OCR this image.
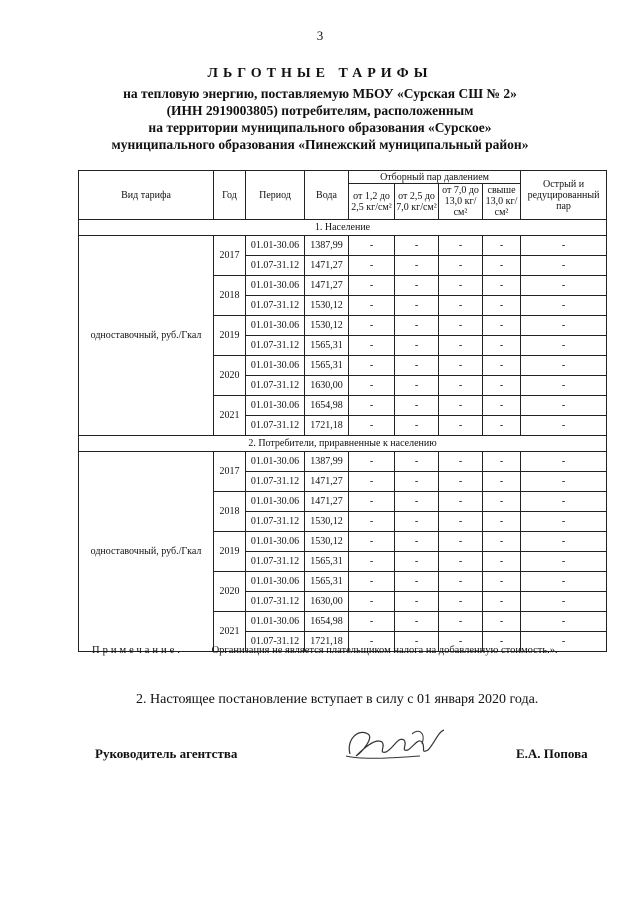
3
ЛЬГОТНЫЕ ТАРИФЫ
на тепловую энергию, поставляемую МБОУ «Сурская СШ № 2»
(ИНН 2919003805) потребителям, расположенным
на территории муниципального образования «Сурское»
муниципального образования «Пинежский муниципальный район»
Вид тарифа	Год	Период	Вода	Отборный пар давлением				Острый и редуцированный пар
				от 1,2 до 2,5 кг/см²	от 2,5 до 7,0 кг/см²	от 7,0 до 13,0 кг/см²	свыше 13,0 кг/см²	
1. Население								
одноставочный, руб./Гкал	2017	01.01-30.06	1387,99	-	-	-	-	-
		01.07-31.12	1471,27	-	-	-	-	-
	2018	01.01-30.06	1471,27	-	-	-	-	-
		01.07-31.12	1530,12	-	-	-	-	-
	2019	01.01-30.06	1530,12	-	-	-	-	-
		01.07-31.12	1565,31	-	-	-	-	-
	2020	01.01-30.06	1565,31	-	-	-	-	-
		01.07-31.12	1630,00	-	-	-	-	-
	2021	01.01-30.06	1654,98	-	-	-	-	-
		01.07-31.12	1721,18	-	-	-	-	-
2. Потребители, приравненные к населению								
одноставочный, руб./Гкал	2017	01.01-30.06	1387,99	-	-	-	-	-
		01.07-31.12	1471,27	-	-	-	-	-
	2018	01.01-30.06	1471,27	-	-	-	-	-
		01.07-31.12	1530,12	-	-	-	-	-
	2019	01.01-30.06	1530,12	-	-	-	-	-
		01.07-31.12	1565,31	-	-	-	-	-
	2020	01.01-30.06	1565,31	-	-	-	-	-
		01.07-31.12	1630,00	-	-	-	-	-
	2021	01.01-30.06	1654,98	-	-	-	-	-
		01.07-31.12	1721,18	-	-	-	-	-
Примечание.	Организация не является плательщиком налога на добавленную стоимость.».
2. Настоящее постановление вступает в силу с 01 января 2020 года.
Руководитель агентства	Е.А. Попова
